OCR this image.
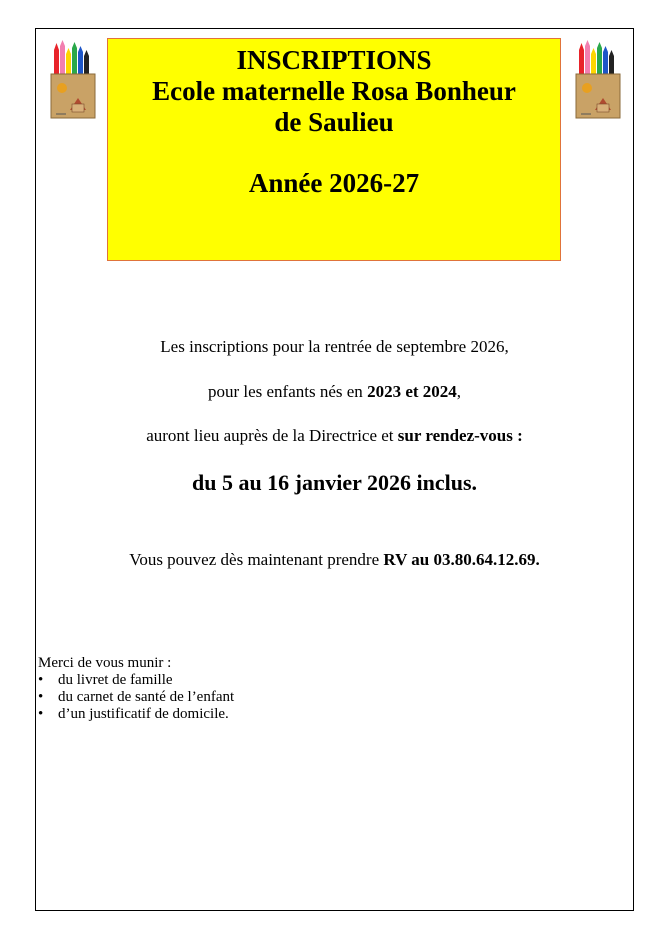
INSCRIPTIONS
Ecole maternelle Rosa Bonheur
de Saulieu
Année 2026-27
Les inscriptions pour la rentrée de septembre 2026,
pour les enfants nés en 2023 et 2024,
auront lieu auprès de la Directrice et sur rendez-vous :
du 5 au 16 janvier 2026 inclus.
Vous pouvez dès maintenant prendre RV au 03.80.64.12.69.
Merci de vous munir :
• du livret de famille
• du carnet de santé de l’enfant
• d’un justificatif de domicile.
